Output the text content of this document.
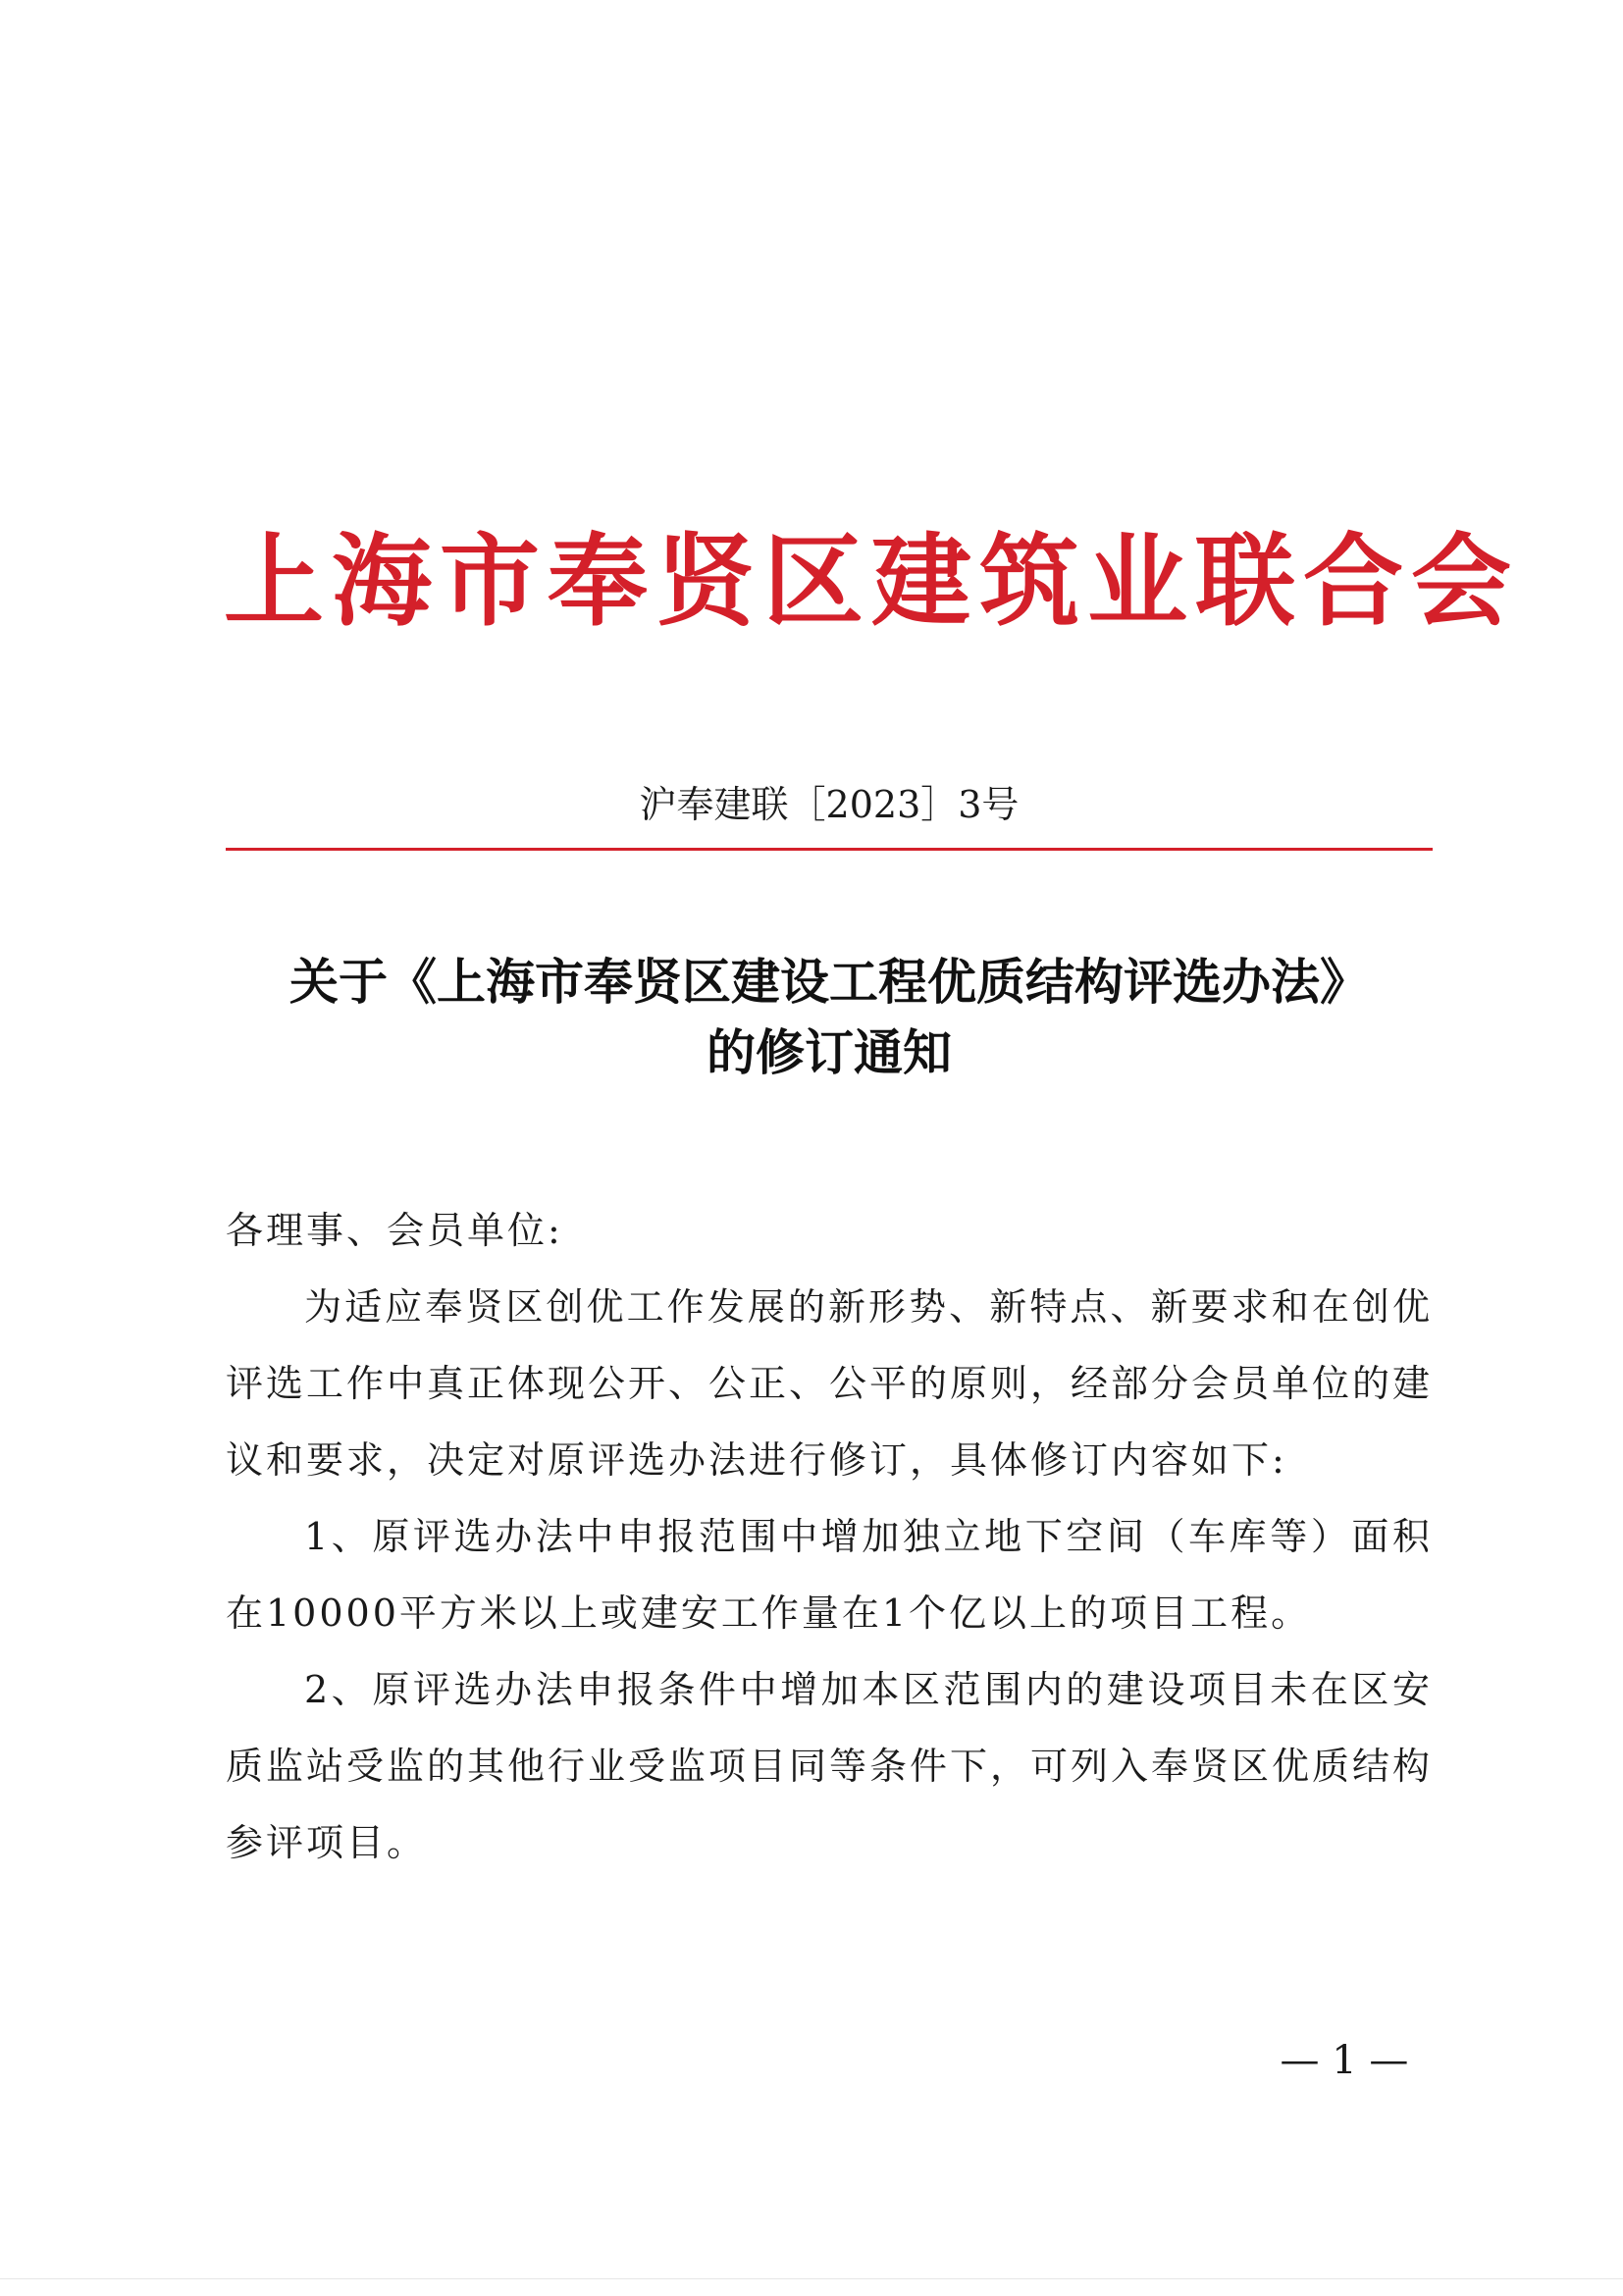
上海市奉贤区建筑业联合会
沪奉建联［2023］3号
关于《上海市奉贤区建设工程优质结构评选办法》
的修订通知

各理事、会员单位:

为适应奉贤区创优工作发展的新形势、新特点、新要求和在创优评选工作中真正体现公开、公正、公平的原则，经部分会员单位的建议和要求，决定对原评选办法进行修订，具体修订内容如下:

1、原评选办法中申报范围中增加独立地下空间（车库等）面积在10000平方米以上或建安工作量在1个亿以上的项目工程。

2、原评选办法申报条件中增加本区范围内的建设项目未在区安质监站受监的其他行业受监项目同等条件下，可列入奉贤区优质结构参评项目。

— 1 —
